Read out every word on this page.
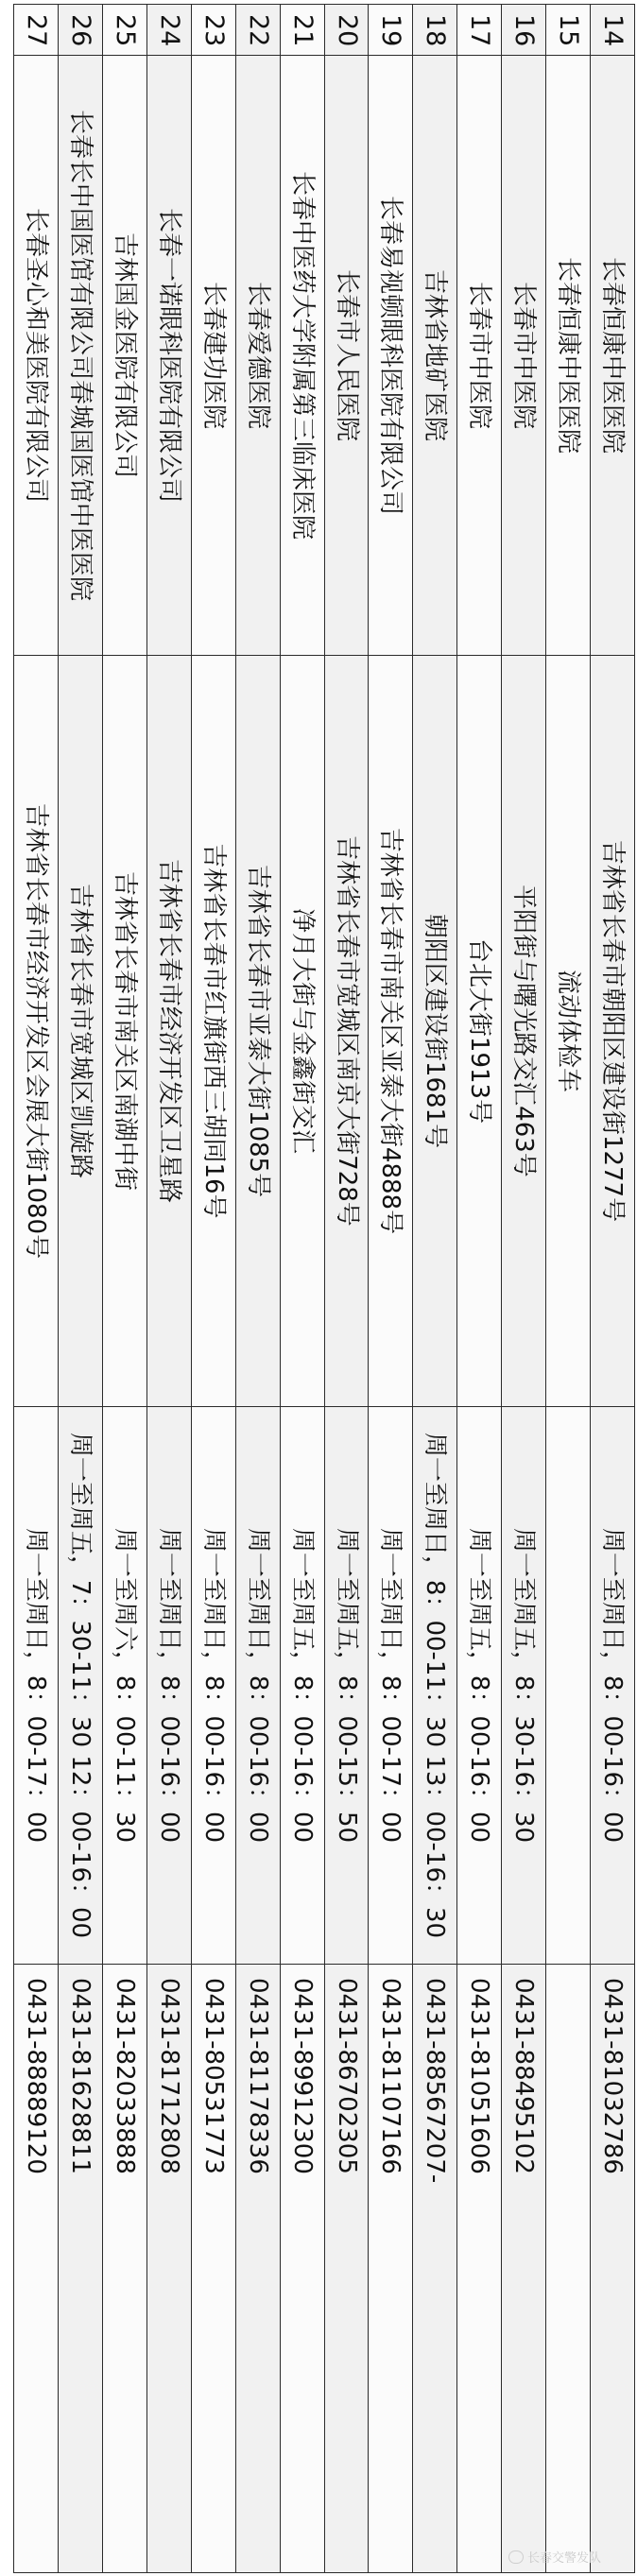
14	长春恒康中医医院	吉林省长春市朝阳区建设街1277号	周一至周日，8：00-16：00	0431-81032786
15	长春恒康中医医院	流动体检车		
16	长春市中医院	平阳街与曙光路交汇463号	周一至周五，8：30-16：30	0431-88495102
17	长春市中医院	台北大街1913号	周一至周五，8：00-16：00	0431-81051606
18	吉林省地矿医院	朝阳区建设街1681号	周一至周日，8：00-11：30 13：00-16：30	0431-88567207-
19	长春易视顿眼科医院有限公司	吉林省长春市南关区亚泰大街4888号	周一至周日，8：00-17：00	0431-81107166
20	长春市人民医院	吉林省长春市宽城区南京大街728号	周一至周五，8：00-15：50	0431-86702305
21	长春中医药大学附属第三临床医院	净月大街与金鑫街交汇	周一至周五，8：00-16：00	0431-89912300
22	长春爱德医院	吉林省长春市亚泰大街1085号	周一至周日，8：00-16：00	0431-81178336
23	长春建功医院	吉林省长春市红旗街西三胡同16号	周一至周日，8：00-16：00	0431-80531773
24	长春一诺眼科医院有限公司	吉林省长春市经济开发区卫星路	周一至周日，8：00-16：00	0431-81712808
25	吉林国金医院有限公司	吉林省长春市南关区南湖中街	周一至周六，8：00-11：30	0431-82033888
26	长春长中国医馆有限公司春城国医馆中医医院	吉林省长春市宽城区凯旋路	周一至周五，7：30-11：30 12：00-16：00	0431-81628811
27	长春圣心和美医院有限公司	吉林省长春市经济开发区会展大街1080号	周一至周日，8：00-17：00	0431-88889120
长春交警发队
